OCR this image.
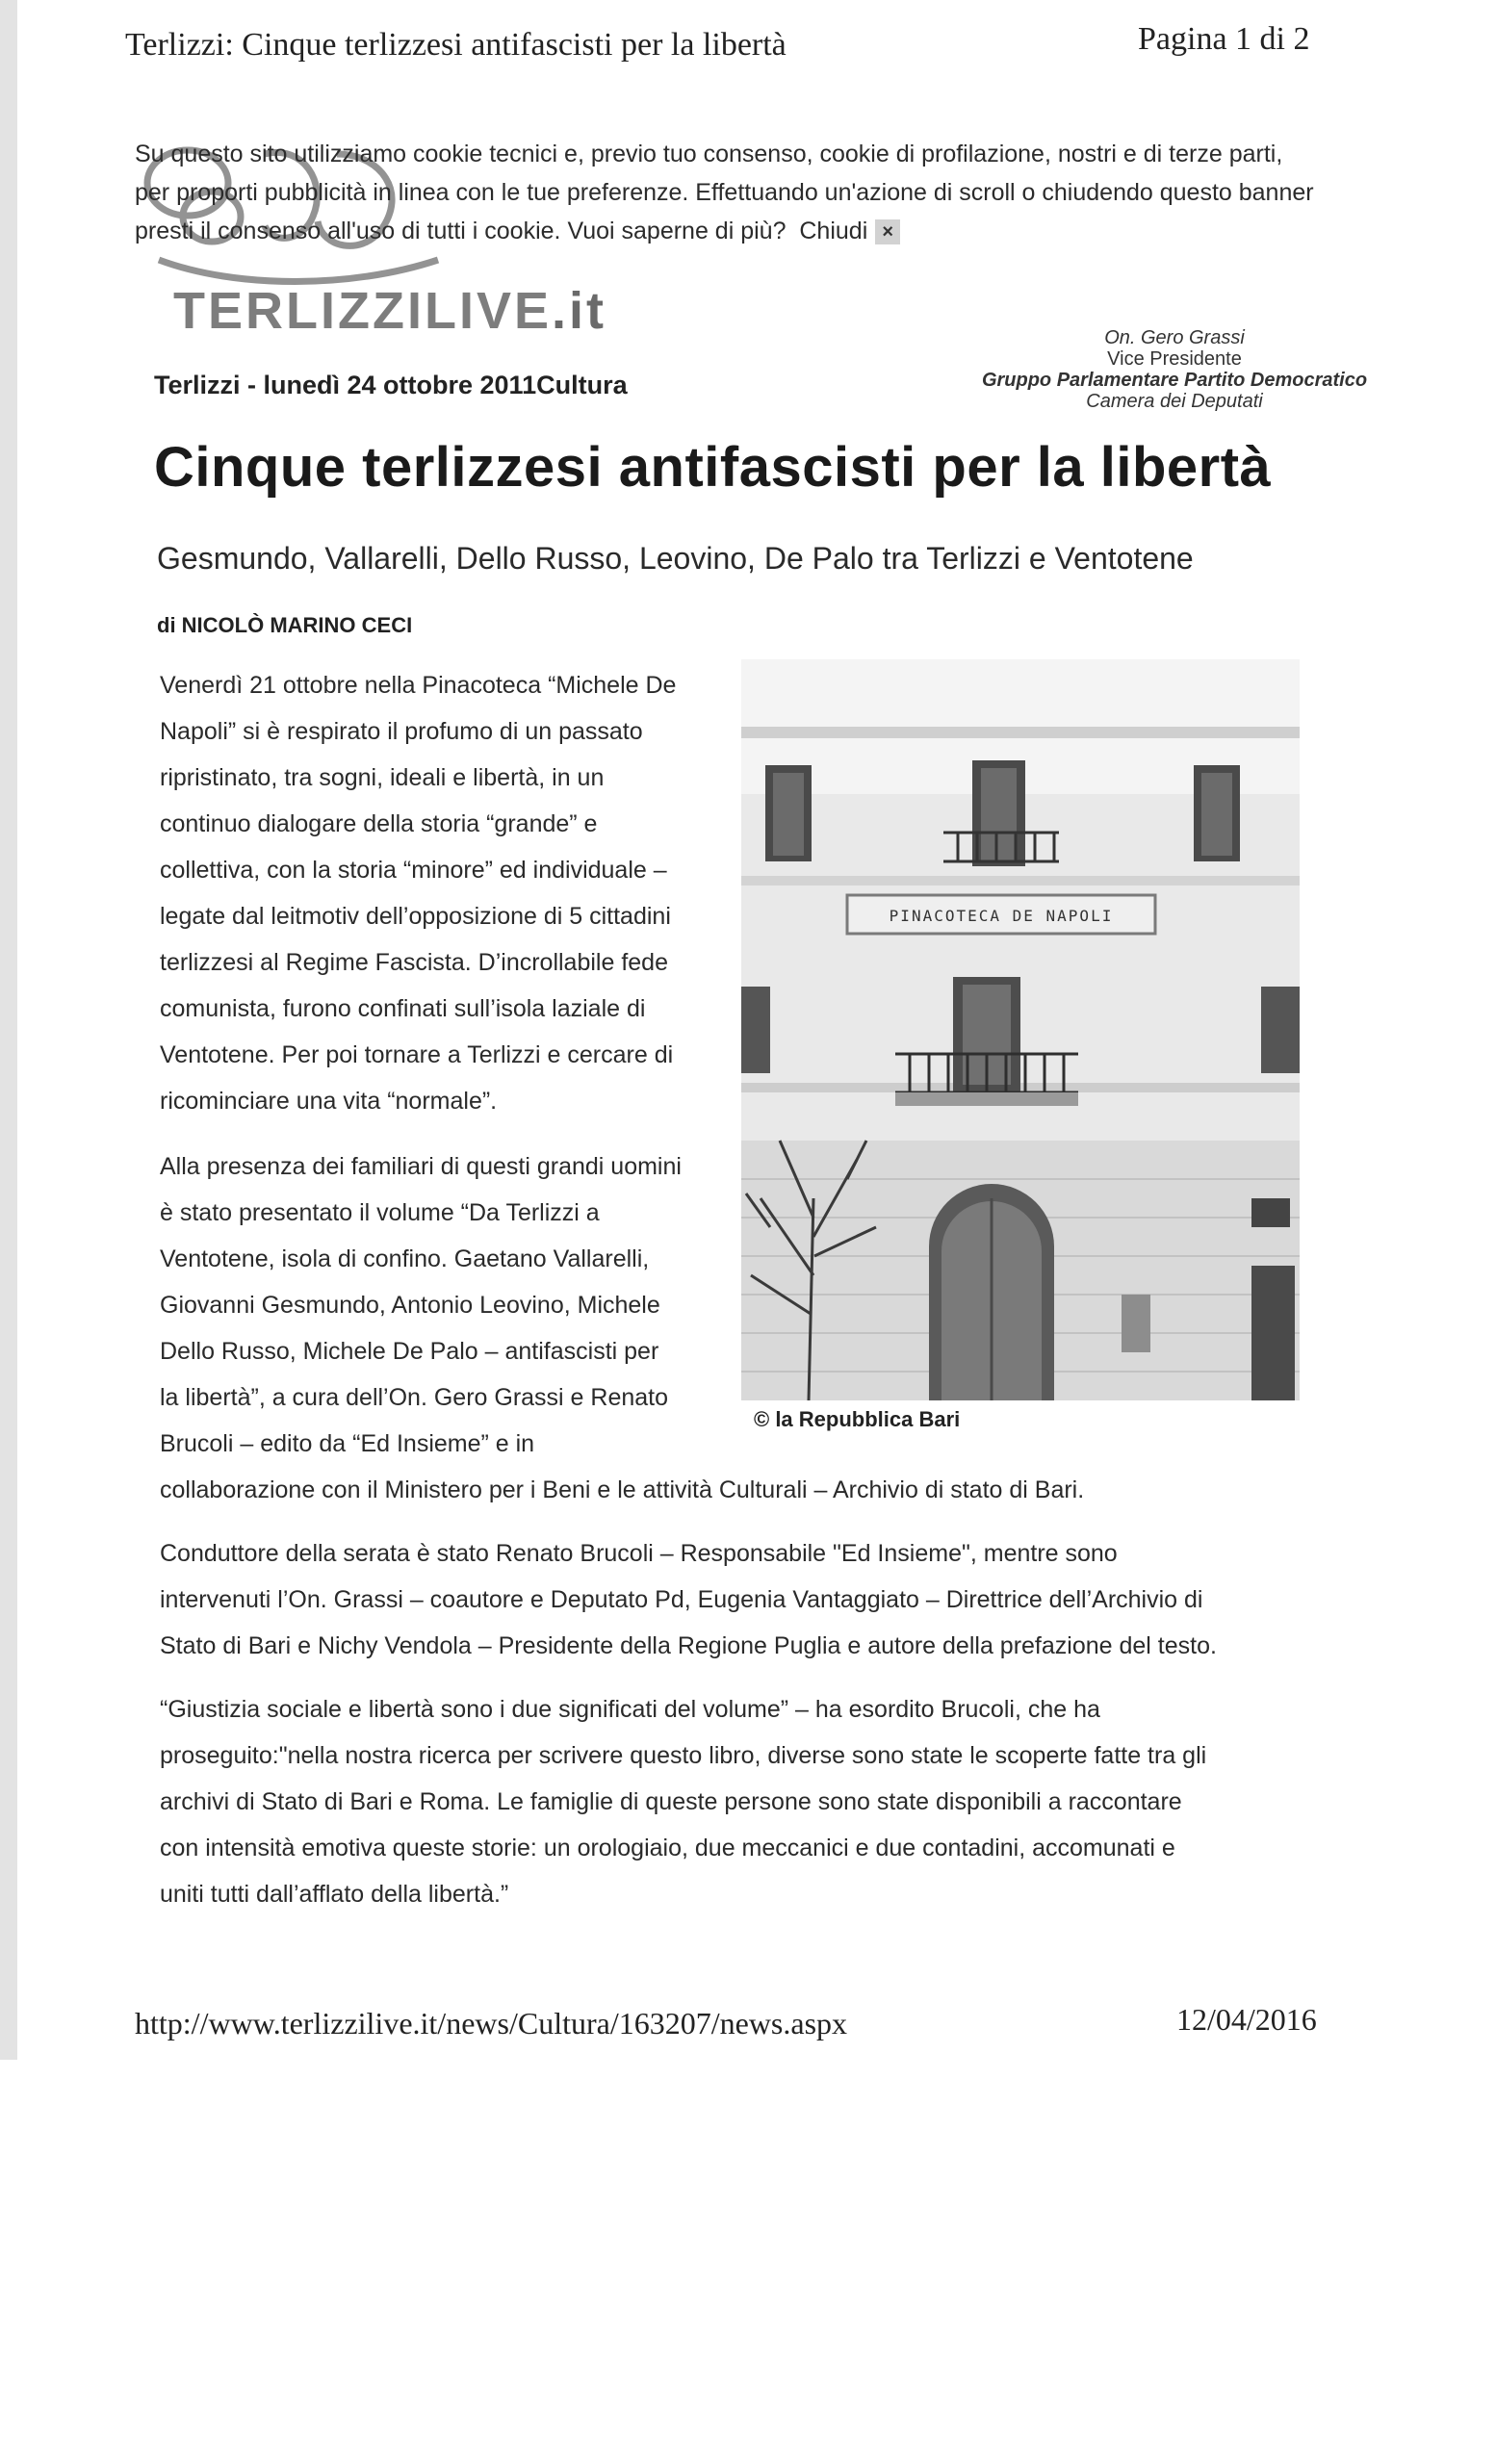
Terlizzi: Cinque terlizzesi antifascisti per la libertà	Pagina 1 di 2
Su questo sito utilizziamo cookie tecnici e, previo tuo consenso, cookie di profilazione, nostri e di terze parti, per proporti pubblicità in linea con le tue preferenze. Effettuando un'azione di scroll o chiudendo questo banner presti il consenso all'uso di tutti i cookie. Vuoi saperne di più? Chiudi ×
TERLIZZILIVE.it
Terlizzi - lunedì 24 ottobre 2011Cultura
On. Gero Grassi
Vice Presidente
Gruppo Parlamentare Partito Democratico
Camera dei Deputati
Cinque terlizzesi antifascisti per la libertà
Gesmundo, Vallarelli, Dello Russo, Leovino, De Palo tra Terlizzi e Ventotene
di NICOLÒ MARINO CECI
Venerdì 21 ottobre nella Pinacoteca “Michele De
Napoli” si è respirato il profumo di un passato
ripristinato, tra sogni, ideali e libertà, in un
continuo dialogare della storia “grande” e
collettiva, con la storia “minore” ed individuale –
legate dal leitmotiv dell’opposizione di 5 cittadini
terlizzesi al Regime Fascista. D’incrollabile fede
comunista, furono confinati sull’isola laziale di
Ventotene. Per poi tornare a Terlizzi e cercare di
ricominciare una vita “normale”.
Alla presenza dei familiari di questi grandi uomini
è stato presentato il volume “Da Terlizzi a
Ventotene, isola di confino. Gaetano Vallarelli,
Giovanni Gesmundo, Antonio Leovino, Michele
Dello Russo, Michele De Palo – antifascisti per
la libertà”, a cura dell’On. Gero Grassi e Renato
Brucoli – edito da “Ed Insieme” e in
collaborazione con il Ministero per i Beni e le attività Culturali – Archivio di stato di Bari.
PINACOTECA DE NAPOLI
© la Repubblica Bari
Conduttore della serata è stato Renato Brucoli – Responsabile "Ed Insieme", mentre sono
intervenuti l’On. Grassi – coautore e Deputato Pd, Eugenia Vantaggiato – Direttrice dell’Archivio di
Stato di Bari e Nichy Vendola – Presidente della Regione Puglia e autore della prefazione del testo.
“Giustizia sociale e libertà sono i due significati del volume” – ha esordito Brucoli, che ha
proseguito:"nella nostra ricerca per scrivere questo libro, diverse sono state le scoperte fatte tra gli
archivi di Stato di Bari e Roma. Le famiglie di queste persone sono state disponibili a raccontare
con intensità emotiva queste storie: un orologiaio, due meccanici e due contadini, accomunati e
uniti tutti dall’afflato della libertà.”
http://www.terlizzilive.it/news/Cultura/163207/news.aspx	12/04/2016
